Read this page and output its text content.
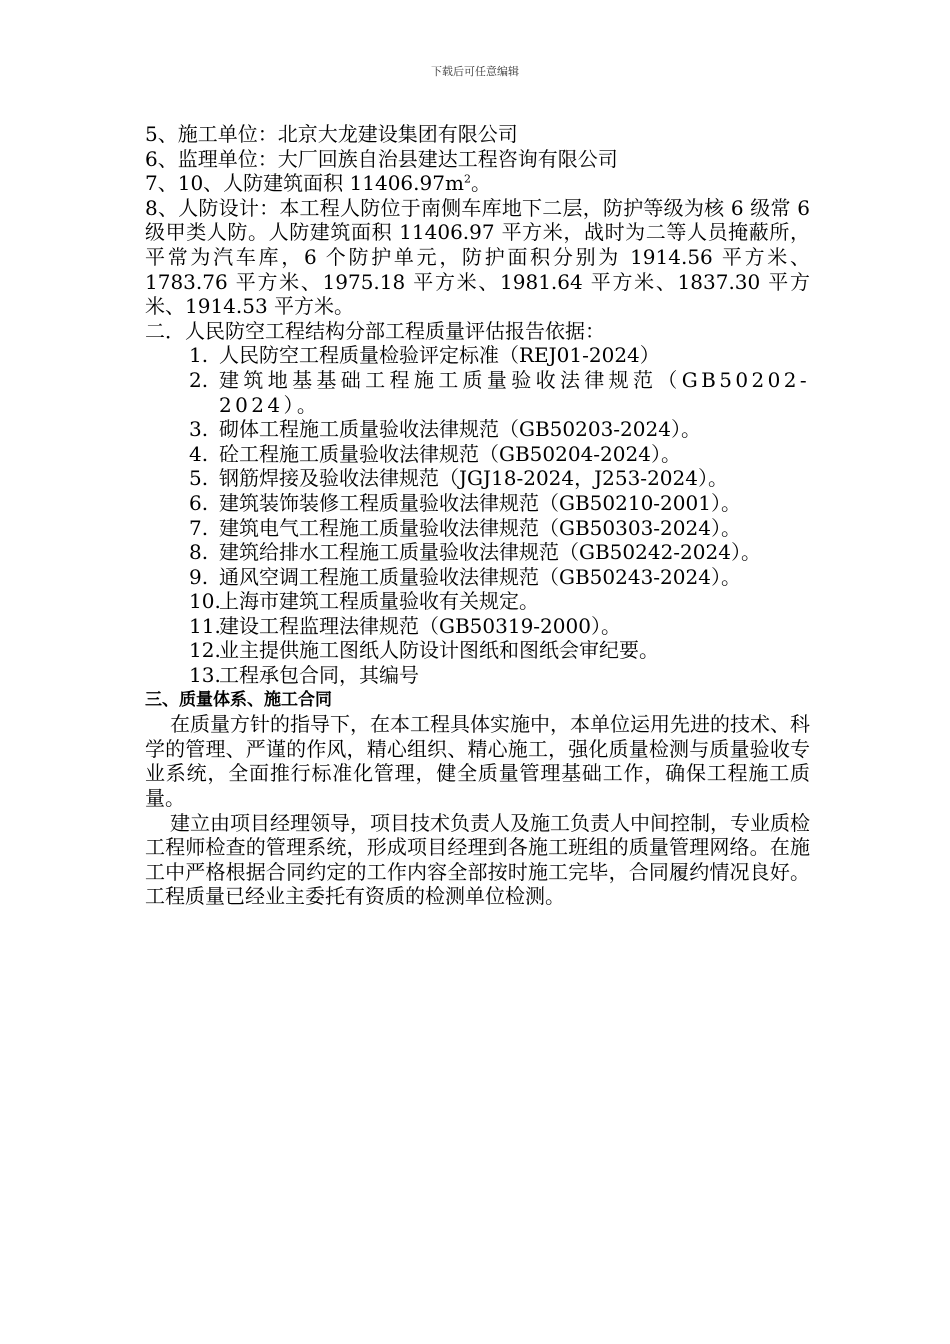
下载后可任意编辑

5、施工单位：北京大龙建设集团有限公司

6、监理单位：大厂回族自治县建达工程咨询有限公司

7、10、人防建筑面积 $11406.97m^2$。

8、人防设计：本工程人防位于南侧车库地下二层，防护等级为核 6 级常 6 级甲类人防。人防建筑面积 11406.97 平方米，战时为二等人员掩蔽所，平常为汽车库，6 个防护单元，防护面积分别为 1914.56 平方米、1783.76 平方米、1975.18 平方米、1981.64 平方米、1837.30 平方米、1914.53 平方米。

二．人民防空工程结构分部工程质量评估报告依据：

1. 人民防空工程质量检验评定标准（REJ01-2024）
2. 建筑地基基础工程施工质量验收法律规范（GB50202-2024）。
3. 砌体工程施工质量验收法律规范（GB50203-2024）。
4. 砼工程施工质量验收法律规范（GB50204-2024）。
5. 钢筋焊接及验收法律规范（JGJ18-2024，J253-2024）。
6. 建筑装饰装修工程质量验收法律规范（GB50210-2001）。
7. 建筑电气工程施工质量验收法律规范（GB50303-2024）。
8. 建筑给排水工程施工质量验收法律规范（GB50242-2024）。
9. 通风空调工程施工质量验收法律规范（GB50243-2024）。
10.
上海市建筑工程质量验收有关规定。
11.
建设工程监理法律规范（GB50319-2000）。
12.
业主提供施工图纸人防设计图纸和图纸会审纪要。
13.
工程承包合同，其编号

三、质量体系、施工合同

在质量方针的指导下，在本工程具体实施中，本单位运用先进的技术、科学的管理、严谨的作风，精心组织、精心施工，强化质量检测与质量验收专业系统，全面推行标准化管理，健全质量管理基础工作，确保工程施工质量。

建立由项目经理领导，项目技术负责人及施工负责人中间控制，专业质检工程师检查的管理系统，形成项目经理到各施工班组的质量管理网络。在施工中严格根据合同约定的工作内容全部按时施工完毕，合同履约情况良好。工程质量已经业主委托有资质的检测单位检测。
